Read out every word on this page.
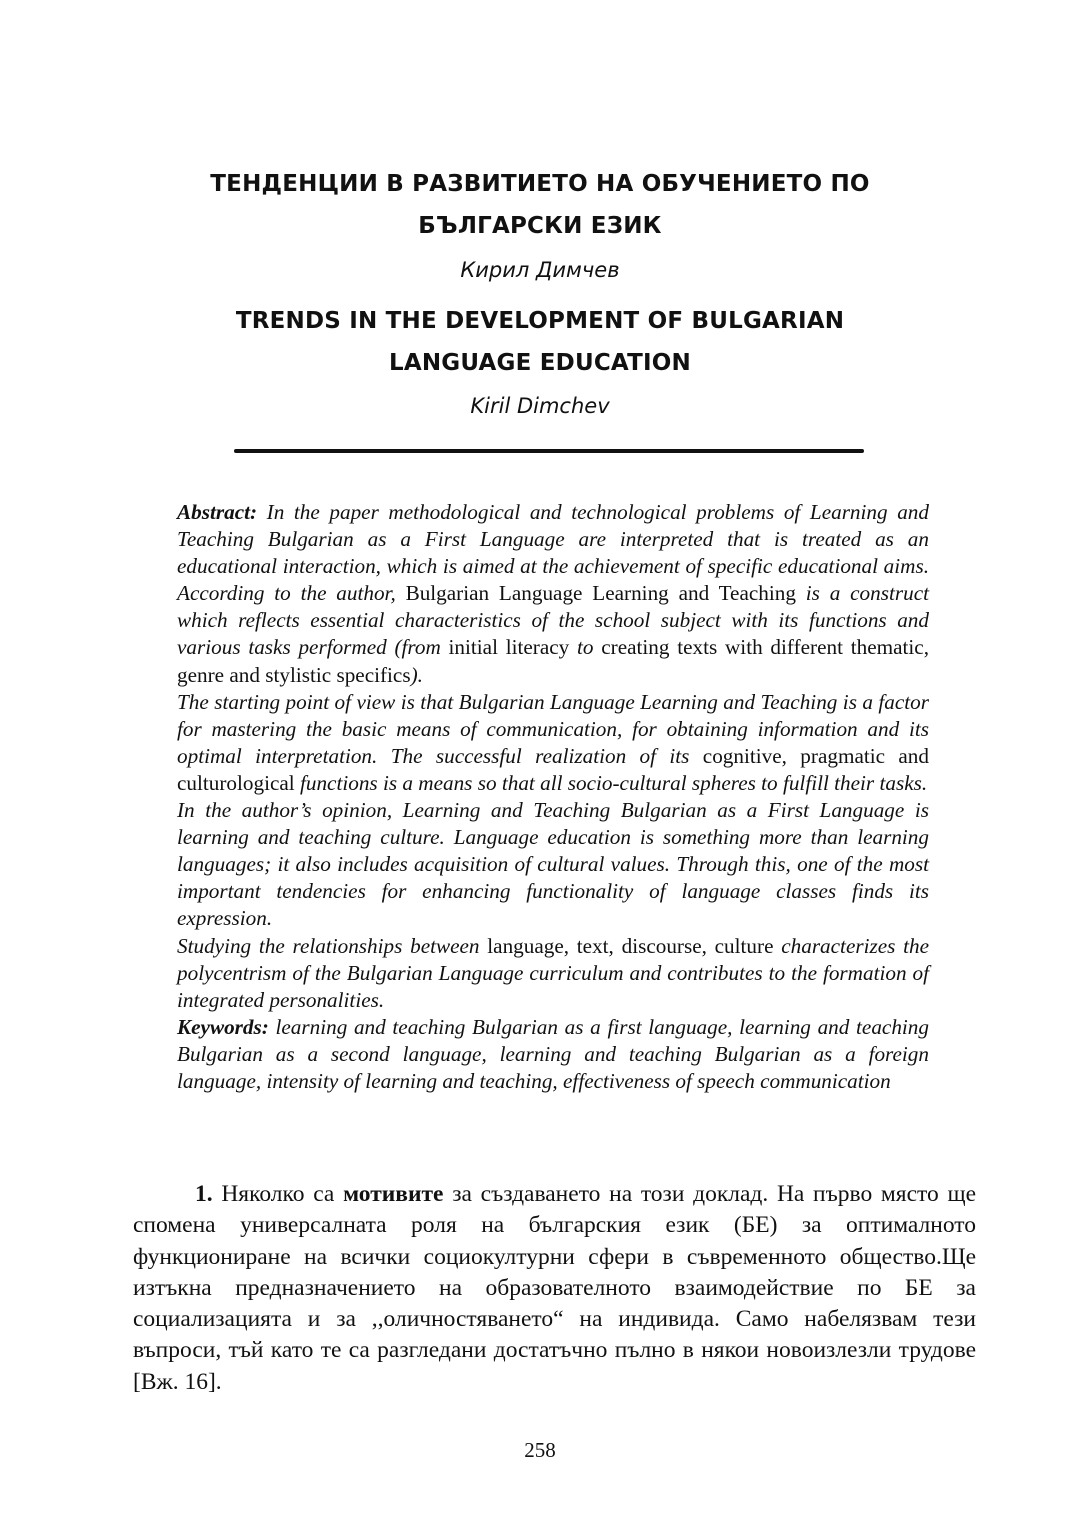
ТЕНДЕНЦИИ В РАЗВИТИЕТО НА ОБУЧЕНИЕТО ПО
БЪЛГАРСКИ ЕЗИК
Кирил Димчев
TRENDS IN THE DEVELOPMENT OF BULGARIAN
LANGUAGE EDUCATION
Kiril Dimchev

Abstract: In the paper methodological and technological problems of Learning and Teaching Bulgarian as a First Language are interpreted that is treated as an educational interaction, which is aimed at the achievement of specific educational aims. According to the author, Bulgarian Language Learning and Teaching is a construct which reflects essential characteristics of the school subject with its functions and various tasks performed (from initial literacy to creating texts with different thematic, genre and stylistic specifics).

The starting point of view is that Bulgarian Language Learning and Teaching is a factor for mastering the basic means of communication, for obtaining information and its optimal interpretation. The successful realization of its cognitive, pragmatic and culturological functions is a means so that all socio-cultural spheres to fulfill their tasks.

In the author’s opinion, Learning and Teaching Bulgarian as a First Language is learning and teaching culture. Language education is something more than learning languages; it also includes acquisition of cultural values. Through this, one of the most important tendencies for enhancing functionality of language classes finds its expression.

Studying the relationships between language, text, discourse, culture characterizes the polycentrism of the Bulgarian Language curriculum and contributes to the formation of integrated personalities.

Keywords: learning and teaching Bulgarian as a first language, learning and teaching Bulgarian as a second language, learning and teaching Bulgarian as a foreign language, intensity of learning and teaching, effectiveness of speech communication

1. Няколко са мотивите за създаването на този доклад. На първо място ще спомена универсалната роля на българския език (БЕ) за оптималното функциониране на всички социокултурни сфери в съвременното общество.Ще изтъкна предназначението на образователното взаимодействие по БЕ за социализацията и за ,,оличностяването“ на индивида. Само набелязвам тези въпроси, тъй като те са разгледани достатъчно пълно в някои новоизлезли трудове [Вж. 16].

258
